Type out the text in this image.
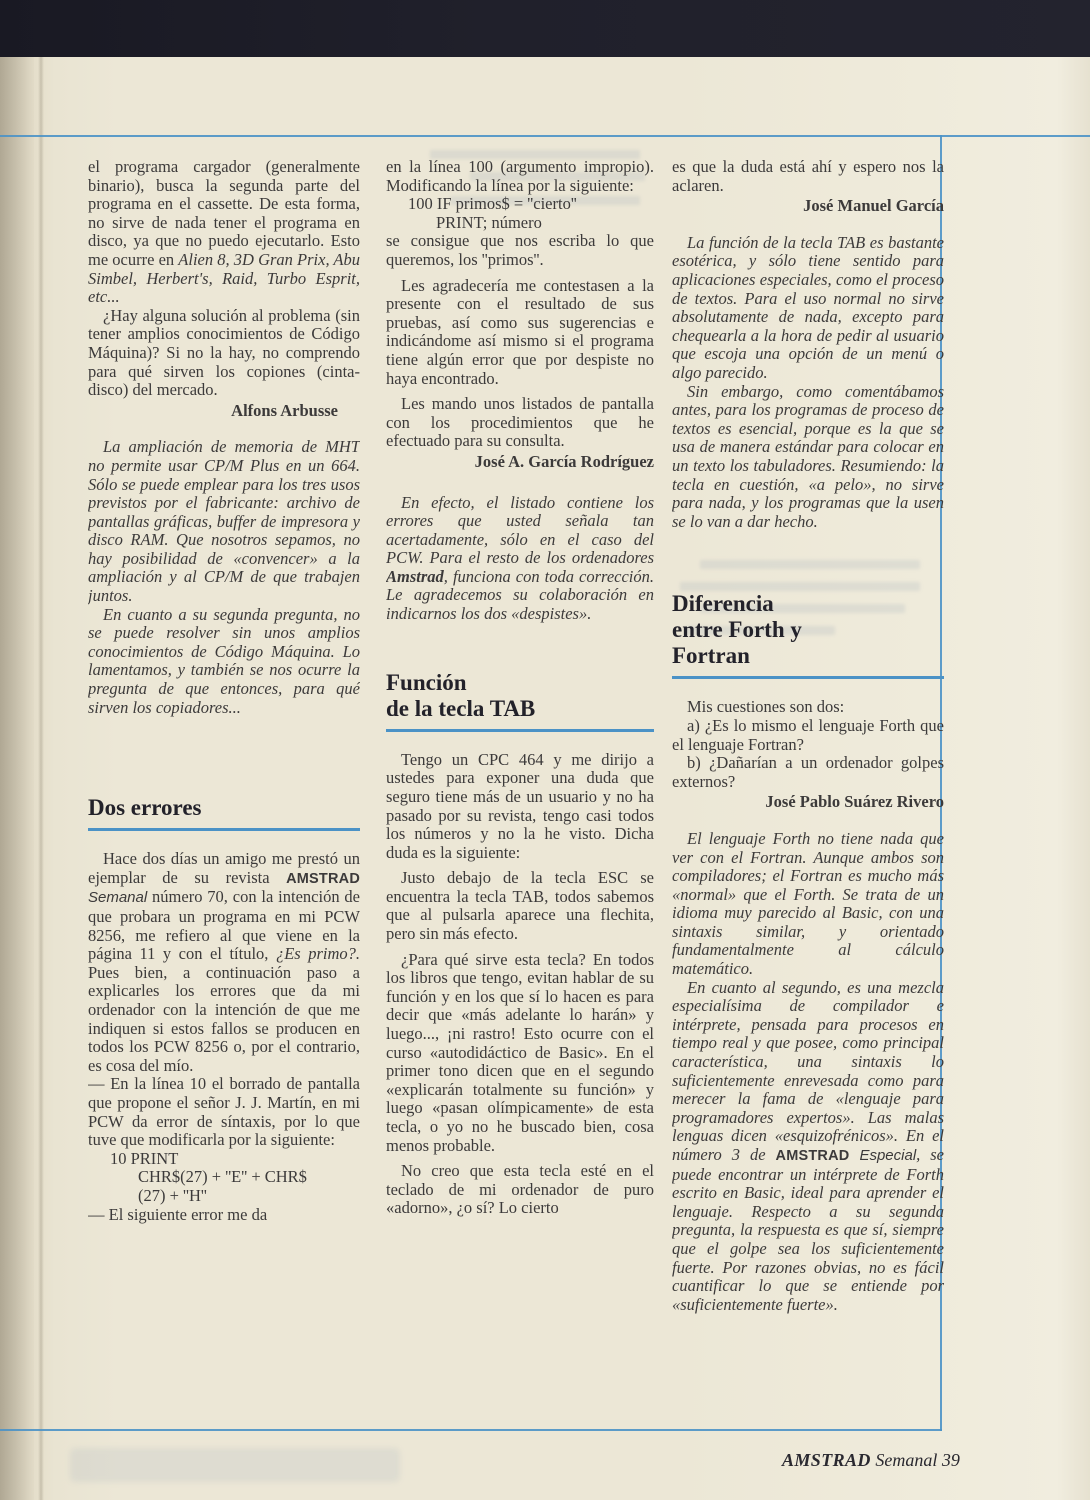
el programa cargador (generalmente binario), busca la segunda parte del programa en el cassette. De esta forma, no sirve de nada tener el programa en disco, ya que no puedo ejecutarlo. Esto me ocurre en Alien 8, 3D Gran Prix, Abu Simbel, Herbert's, Raid, Turbo Esprit, etc...

¿Hay alguna solución al problema (sin tener amplios conocimientos de Código Máquina)? Si no la hay, no comprendo para qué sirven los copiones (cinta-disco) del mercado.

Alfons Arbusse

La ampliación de memoria de MHT no permite usar CP/M Plus en un 664. Sólo se puede emplear para los tres usos previstos por el fabricante: archivo de pantallas gráficas, buffer de impresora y disco RAM. Que nosotros sepamos, no hay posibilidad de «convencer» a la ampliación y al CP/M de que trabajen juntos.

En cuanto a su segunda pregunta, no se puede resolver sin unos amplios conocimientos de Código Máquina. Lo lamentamos, y también se nos ocurre la pregunta de que entonces, para qué sirven los copiadores...

Dos errores

Hace dos días un amigo me prestó un ejemplar de su revista AMSTRAD Semanal número 70, con la intención de que probara un programa en mi PCW 8256, me refiero al que viene en la página 11 y con el título, ¿Es primo?. Pues bien, a continuación paso a explicarles los errores que da mi ordenador con la intención de que me indiquen si estos fallos se producen en todos los PCW 8256 o, por el contrario, es cosa del mío.

— En la línea 10 el borrado de pantalla que propone el señor J. J. Martín, en mi PCW da error de síntaxis, por lo que tuve que modificarla por la siguiente:

10 PRINT

CHR$(27) + ''E'' + CHR$

(27) + ''H''

— El siguiente error me da

en la línea 100 (argumento impropio). Modificando la línea por la siguiente:

100 IF primos$ = ''cierto''

PRINT; número

se consigue que nos escriba lo que queremos, los ''primos''.

Les agradecería me contestasen a la presente con el resultado de sus pruebas, así como sus sugerencias e indicándome así mismo si el programa tiene algún error que por despiste no haya encontrado.

Les mando unos listados de pantalla con los procedimientos que he efectuado para su consulta.

José A. García Rodríguez

En efecto, el listado contiene los errores que usted señala tan acertadamente, sólo en el caso del PCW. Para el resto de los ordenadores Amstrad, funciona con toda corrección. Le agradecemos su colaboración en indicarnos los dos «despistes».

Función
de la tecla TAB

Tengo un CPC 464 y me dirijo a ustedes para exponer una duda que seguro tiene más de un usuario y no ha pasado por su revista, tengo casi todos los números y no la he visto. Dicha duda es la siguiente:

Justo debajo de la tecla ESC se encuentra la tecla TAB, todos sabemos que al pulsarla aparece una flechita, pero sin más efecto.

¿Para qué sirve esta tecla? En todos los libros que tengo, evitan hablar de su función y en los que sí lo hacen es para decir que «más adelante lo harán» y luego..., ¡ni rastro! Esto ocurre con el curso «autodidáctico de Basic». En el primer tono dicen que en el segundo «explicarán totalmente su función» y luego «pasan olímpicamente» de esta tecla, o yo no he buscado bien, cosa menos probable.

No creo que esta tecla esté en el teclado de mi ordenador de puro «adorno», ¿o sí? Lo cierto

es que la duda está ahí y espero nos la aclaren.

José Manuel García

La función de la tecla TAB es bastante esotérica, y sólo tiene sentido para aplicaciones especiales, como el proceso de textos. Para el uso normal no sirve absolutamente de nada, excepto para chequearla a la hora de pedir al usuario que escoja una opción de un menú o algo parecido.

Sin embargo, como comentábamos antes, para los programas de proceso de textos es esencial, porque es la que se usa de manera estándar para colocar en un texto los tabuladores. Resumiendo: la tecla en cuestión, «a pelo», no sirve para nada, y los programas que la usen se lo van a dar hecho.

Diferencia
entre Forth y
Fortran

Mis cuestiones son dos:

a) ¿Es lo mismo el lenguaje Forth que el lenguaje Fortran?

b) ¿Dañarían a un ordenador golpes externos?

José Pablo Suárez Rivero

El lenguaje Forth no tiene nada que ver con el Fortran. Aunque ambos son compiladores; el Fortran es mucho más «normal» que el Forth. Se trata de un idioma muy parecido al Basic, con una sintaxis similar, y orientado fundamentalmente al cálculo matemático.

En cuanto al segundo, es una mezcla especialísima de compilador e intérprete, pensada para procesos en tiempo real y que posee, como principal característica, una sintaxis lo suficientemente enrevesada como para merecer la fama de «lenguaje para programadores expertos». Las malas lenguas dicen «esquizofrénicos». En el número 3 de AMSTRAD Especial, se puede encontrar un intérprete de Forth escrito en Basic, ideal para aprender el lenguaje. Respecto a su segunda pregunta, la respuesta es que sí, siempre que el golpe sea los suficientemente fuerte. Por razones obvias, no es fácil cuantificar lo que se entiende por «suficientemente fuerte».

AMSTRAD Semanal 39
